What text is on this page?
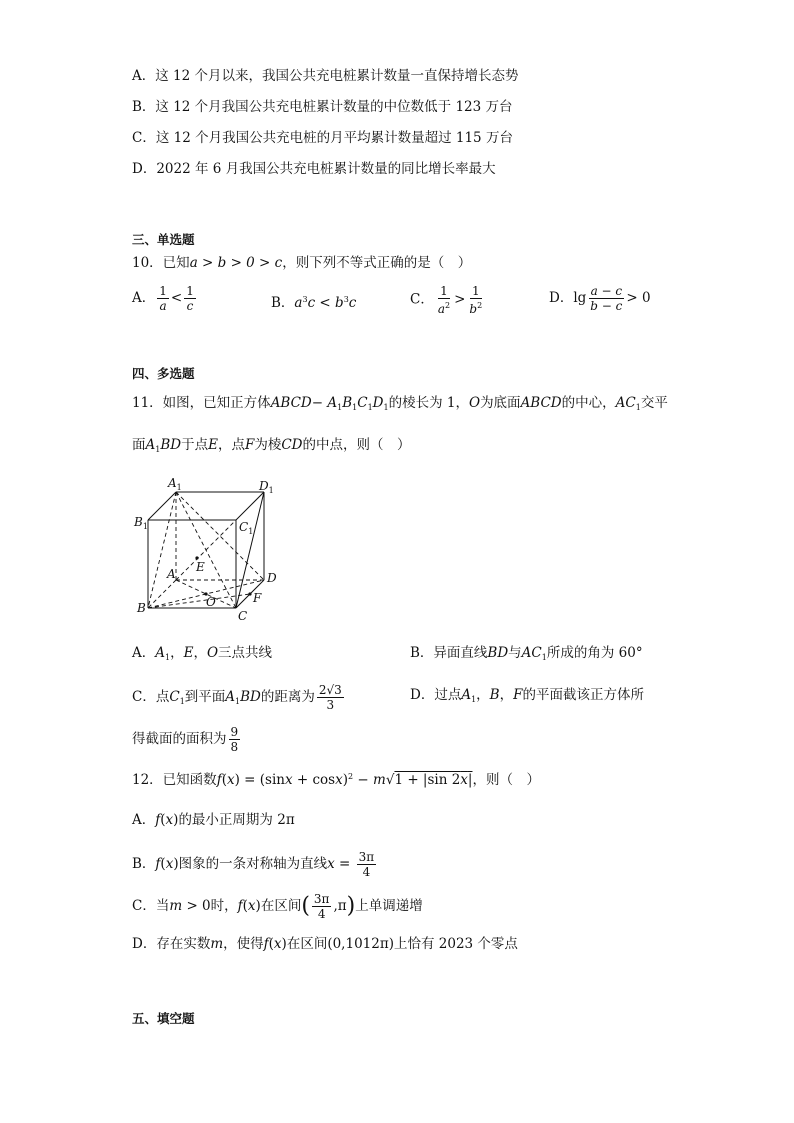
A．这 12 个月以来，我国公共充电桩累计数量一直保持增长态势
B．这 12 个月我国公共充电桩累计数量的中位数低于 123 万台
C．这 12 个月我国公共充电桩的月平均累计数量超过 115 万台
D．2022 年 6 月我国公共充电桩累计数量的同比增长率最大
三、单选题
10．已知a > b > 0 > c，则下列不等式正确的是（　）
A． $\frac{1}{a} < \frac{1}{c}$	B．$a^3c < b^3c$	C． $\frac{1}{a^2} > \frac{1}{b^2}$	D．$\lg \frac{a - c}{b - c} > 0$
四、多选题
11．如图，已知正方体ABCD− $A_1B_1C_1D_1$的棱长为 1，O为底面ABCD的中心，$AC_1$交平
面$A_1BD$于点E，点F为棱CD的中点，则（　）
$A_1$	$D_1$
$B_1$	$C_1$
E
A	D
F
O
B
C
A．$A_1$，E，O三点共线	B．异面直线BD与$AC_1$所成的角为 60°
C．点$C_1$到平面$A_1BD$的距离为 $\frac{2√3}{3}$	D．过点$A_1$，B，F的平面截该正方体所
得截面的面积为 $\frac{9}{8}$
12．已知函数$f(x) = (\sin x + \cos x)^2 - m√1 + |\sin$ 2x|，则（　）
A．f(x)的最小正周期为 2π
B．f(x)图象的一条对称轴为直线$x = \frac{3\pi}{4}$
C．当m > 0时，f(x)在区间( $\frac{3\pi}{4} ,\pi$)上单调递增
D．存在实数m，使得f(x)在区间(0,1012π)上恰有 2023 个零点
五、填空题
